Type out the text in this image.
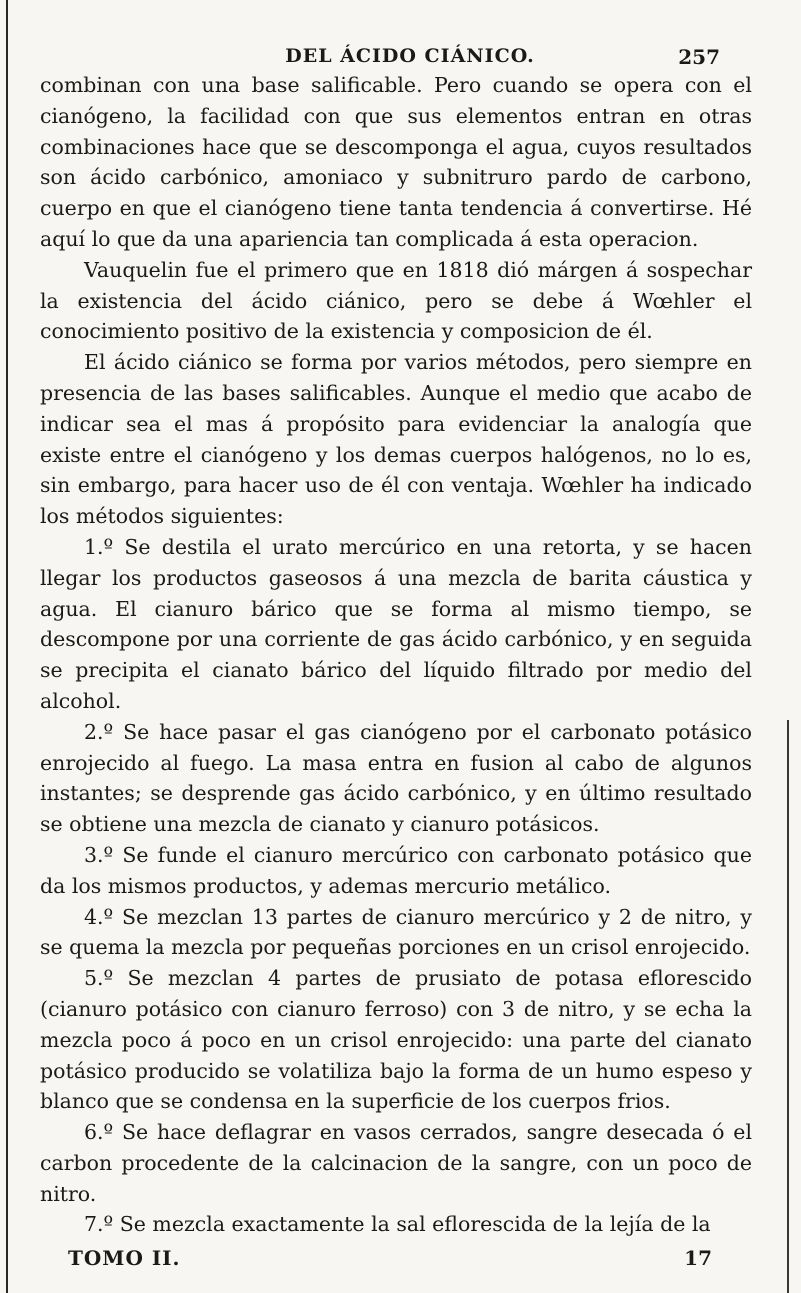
DEL ÁCIDO CIÁNICO.	257

combinan con una base salificable. Pero cuando se opera con el cianógeno, la facilidad con que sus elementos entran en otras combinaciones hace que se descomponga el agua, cuyos resultados son ácido carbónico, amoniaco y subnitruro pardo de carbono, cuerpo en que el cianógeno tiene tanta tendencia á convertirse. Hé aquí lo que da una apariencia tan complicada á esta operacion.

Vauquelin fue el primero que en 1818 dió márgen á sospechar la existencia del ácido ciánico, pero se debe á Wœhler el conocimiento positivo de la existencia y composicion de él.

El ácido ciánico se forma por varios métodos, pero siempre en presencia de las bases salificables. Aunque el medio que acabo de indicar sea el mas á propósito para evidenciar la analogía que existe entre el cianógeno y los demas cuerpos halógenos, no lo es, sin embargo, para hacer uso de él con ventaja. Wœhler ha indicado los métodos siguientes:

1.º Se destila el urato mercúrico en una retorta, y se hacen llegar los productos gaseosos á una mezcla de barita cáustica y agua. El cianuro bárico que se forma al mismo tiempo, se descompone por una corriente de gas ácido carbónico, y en seguida se precipita el cianato bárico del líquido filtrado por medio del alcohol.

2.º Se hace pasar el gas cianógeno por el carbonato potásico enrojecido al fuego. La masa entra en fusion al cabo de algunos instantes; se desprende gas ácido carbónico, y en último resultado se obtiene una mezcla de cianato y cianuro potásicos.

3.º Se funde el cianuro mercúrico con carbonato potásico que da los mismos productos, y ademas mercurio metálico.

4.º Se mezclan 13 partes de cianuro mercúrico y 2 de nitro, y se quema la mezcla por pequeñas porciones en un crisol enrojecido.

5.º Se mezclan 4 partes de prusiato de potasa eflorescido (cianuro potásico con cianuro ferroso) con 3 de nitro, y se echa la mezcla poco á poco en un crisol enrojecido: una parte del cianato potásico producido se volatiliza bajo la forma de un humo espeso y blanco que se condensa en la superficie de los cuerpos frios.

6.º Se hace deflagrar en vasos cerrados, sangre desecada ó el carbon procedente de la calcinacion de la sangre, con un poco de nitro.

7.º Se mezcla exactamente la sal eflorescida de la lejía de la

TOMO II.	17
